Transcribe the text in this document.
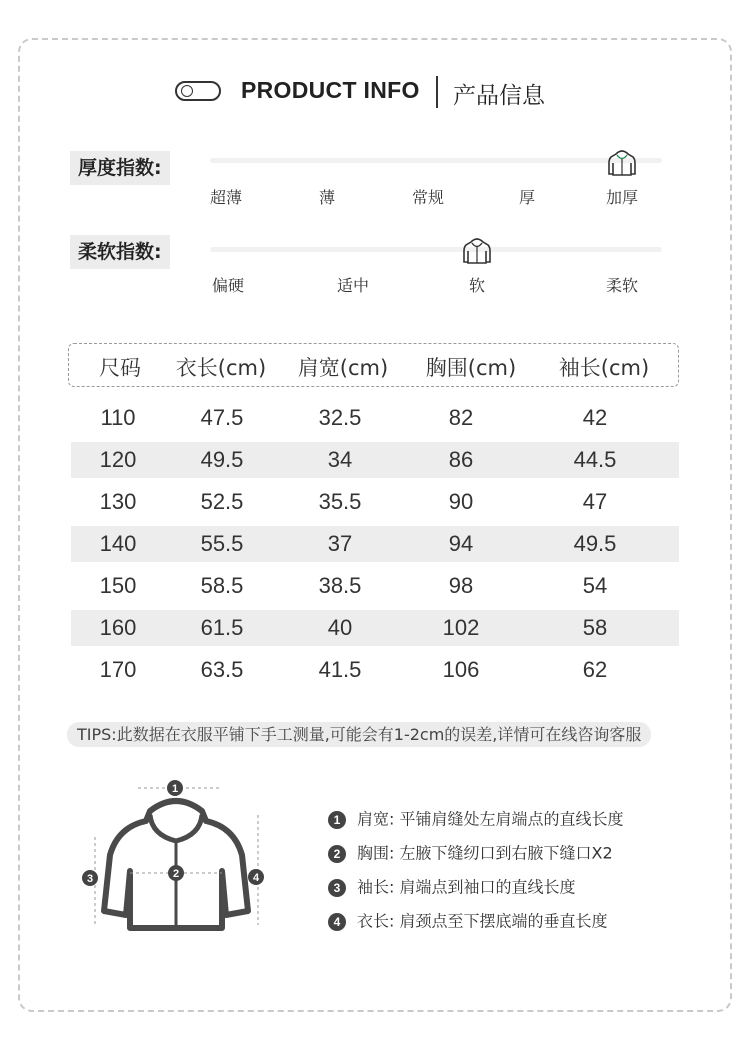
PRODUCT INFO 产品信息
厚度指数:
超薄	薄	常规	厚	加厚
柔软指数:
偏硬	适中	软	柔软
尺码 衣长(cm) 肩宽(cm) 胸围(cm) 袖长(cm)
110	47.5	32.5	82	42
120	49.5	34	86	44.5
130	52.5	35.5	90	47
140	55.5	37	94	49.5
150	58.5	38.5	98	54
160	61.5	40	102	58
170	63.5	41.5	106	62
TIPS:此数据在衣服平铺下手工测量,可能会有1-2cm的误差,详情可在线咨询客服
1
2
3	4
1 肩宽: 平铺肩缝处左肩端点的直线长度
2 胸围: 左腋下缝纫口到右腋下缝口X2
3 袖长: 肩端点到袖口的直线长度
4 衣长: 肩颈点至下摆底端的垂直长度
